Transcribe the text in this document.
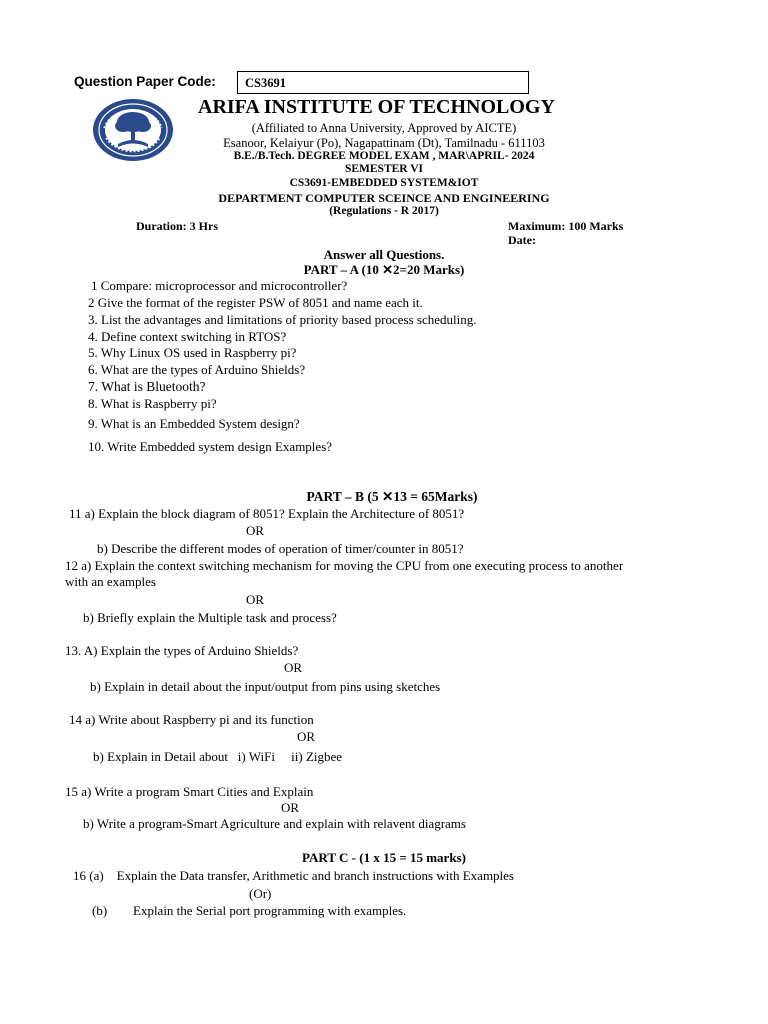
Question Paper Code: CS3691
ARIFA INSTITUTE OF TECHNOLOGY
(Affiliated to Anna University, Approved by AICTE)
Esanoor, Kelaiyur (Po), Nagapattinam (Dt), Tamilnadu - 611103
B.E./B.Tech. DEGREE MODEL EXAM , MAR\APRIL- 2024
SEMESTER VI
CS3691-EMBEDDED SYSTEM&IOT
DEPARTMENT COMPUTER SCEINCE AND ENGINEERING
(Regulations - R 2017)
Duration: 3 Hrs	Maximum: 100 Marks
Date:
Answer all Questions.
PART – A (10 ✕2=20 Marks)
1 Compare: microprocessor and microcontroller?
2 Give the format of the register PSW of 8051 and name each it.
3. List the advantages and limitations of priority based process scheduling.
4. Define context switching in RTOS?
5. Why Linux OS used in Raspberry pi?
6. What are the types of Arduino Shields?
7. What is Bluetooth?
8. What is Raspberry pi?
9. What is an Embedded System design?
10. Write Embedded system design Examples?
PART – B (5 ✕13 = 65Marks)
11 a) Explain the block diagram of 8051? Explain the Architecture of 8051?
OR
b) Describe the different modes of operation of timer/counter in 8051?
12 a) Explain the context switching mechanism for moving the CPU from one executing process to another
with an examples
OR
b) Briefly explain the Multiple task and process?
13. A) Explain the types of Arduino Shields?
OR
b) Explain in detail about the input/output from pins using sketches
14 a) Write about Raspberry pi and its function
OR
b) Explain in Detail about   i) WiFi     ii) Zigbee
15 a) Write a program Smart Cities and Explain
OR
b) Write a program-Smart Agriculture and explain with relavent diagrams
PART C - (1 x 15 = 15 marks)
16 (a)    Explain the Data transfer, Arithmetic and branch instructions with Examples
(Or)
(b) Explain the Serial port programming with examples.
